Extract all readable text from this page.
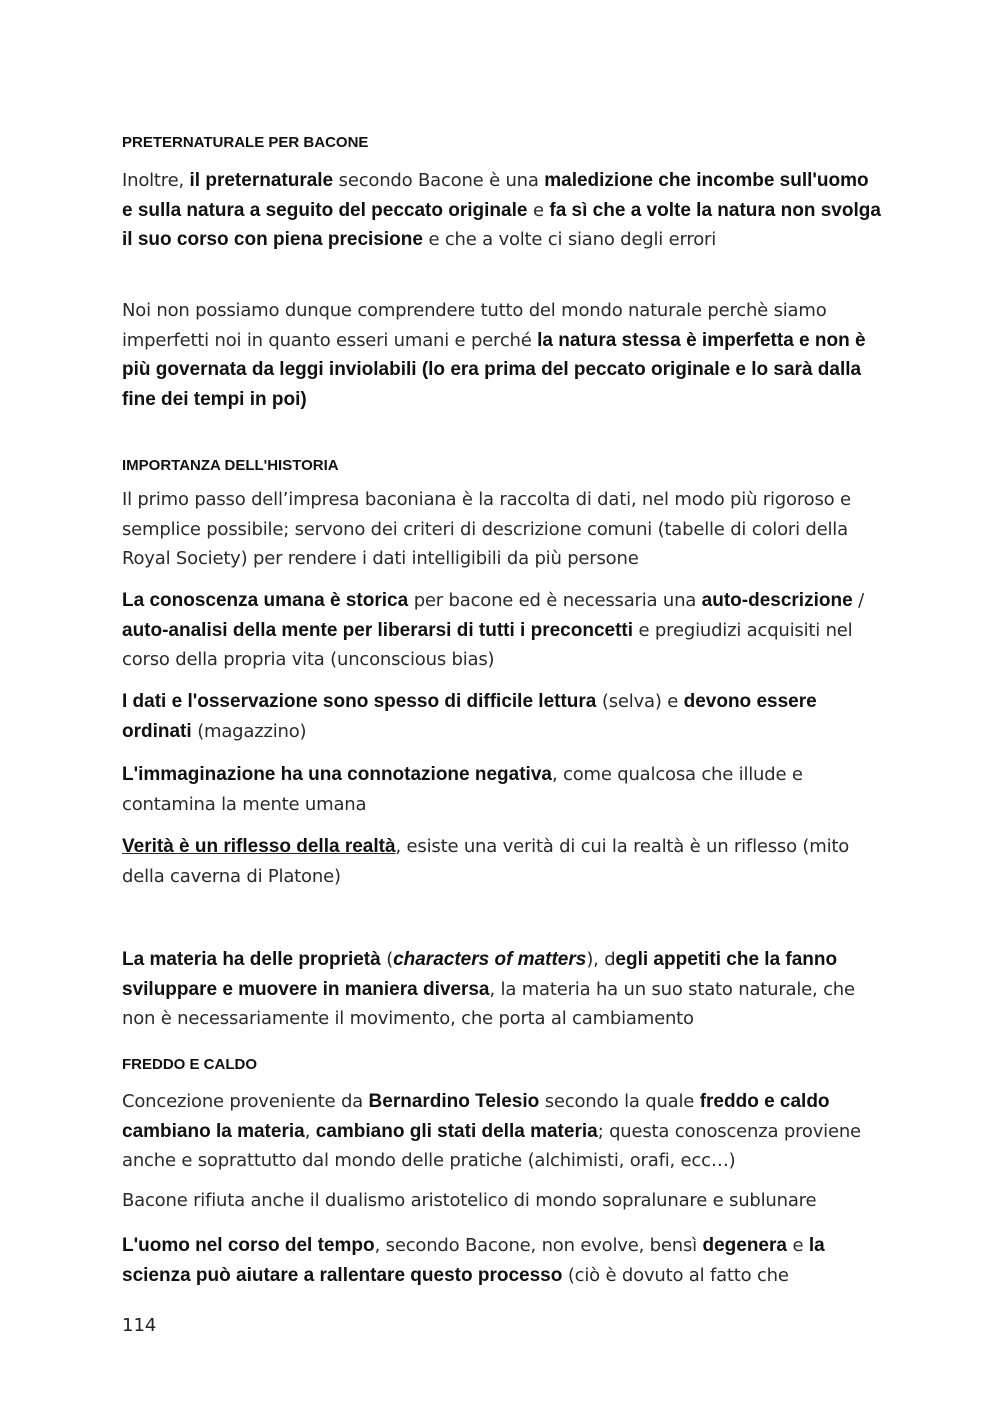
PRETERNATURALE PER BACONE
Inoltre, il preternaturale secondo Bacone è una maledizione che incombe sull'uomo e sulla natura a seguito del peccato originale e fa sì che a volte la natura non svolga il suo corso con piena precisione e che a volte ci siano degli errori
Noi non possiamo dunque comprendere tutto del mondo naturale perchè siamo imperfetti noi in quanto esseri umani e perché la natura stessa è imperfetta e non è più governata da leggi inviolabili (lo era prima del peccato originale e lo sarà dalla fine dei tempi in poi)
IMPORTANZA DELL'HISTORIA
Il primo passo dell’impresa baconiana è la raccolta di dati, nel modo più rigoroso e semplice possibile; servono dei criteri di descrizione comuni (tabelle di colori della Royal Society) per rendere i dati intelligibili da più persone
La conoscenza umana è storica per bacone ed è necessaria una auto-descrizione / auto-analisi della mente per liberarsi di tutti i preconcetti e pregiudizi acquisiti nel corso della propria vita (unconscious bias)
I dati e l'osservazione sono spesso di difficile lettura (selva) e devono essere ordinati (magazzino)
L'immaginazione ha una connotazione negativa, come qualcosa che illude e contamina la mente umana
Verità è un riflesso della realtà, esiste una verità di cui la realtà è un riflesso (mito della caverna di Platone)
La materia ha delle proprietà (characters of matters), degli appetiti che la fanno sviluppare e muovere in maniera diversa, la materia ha un suo stato naturale, che non è necessariamente il movimento, che porta al cambiamento
FREDDO E CALDO
Concezione proveniente da Bernardino Telesio secondo la quale freddo e caldo cambiano la materia, cambiano gli stati della materia; questa conoscenza proviene anche e soprattutto dal mondo delle pratiche (alchimisti, orafi, ecc…)
Bacone rifiuta anche il dualismo aristotelico di mondo sopralunare e sublunare
L'uomo nel corso del tempo, secondo Bacone, non evolve, bensì degenera e la scienza può aiutare a rallentare questo processo (ciò è dovuto al fatto che
114
